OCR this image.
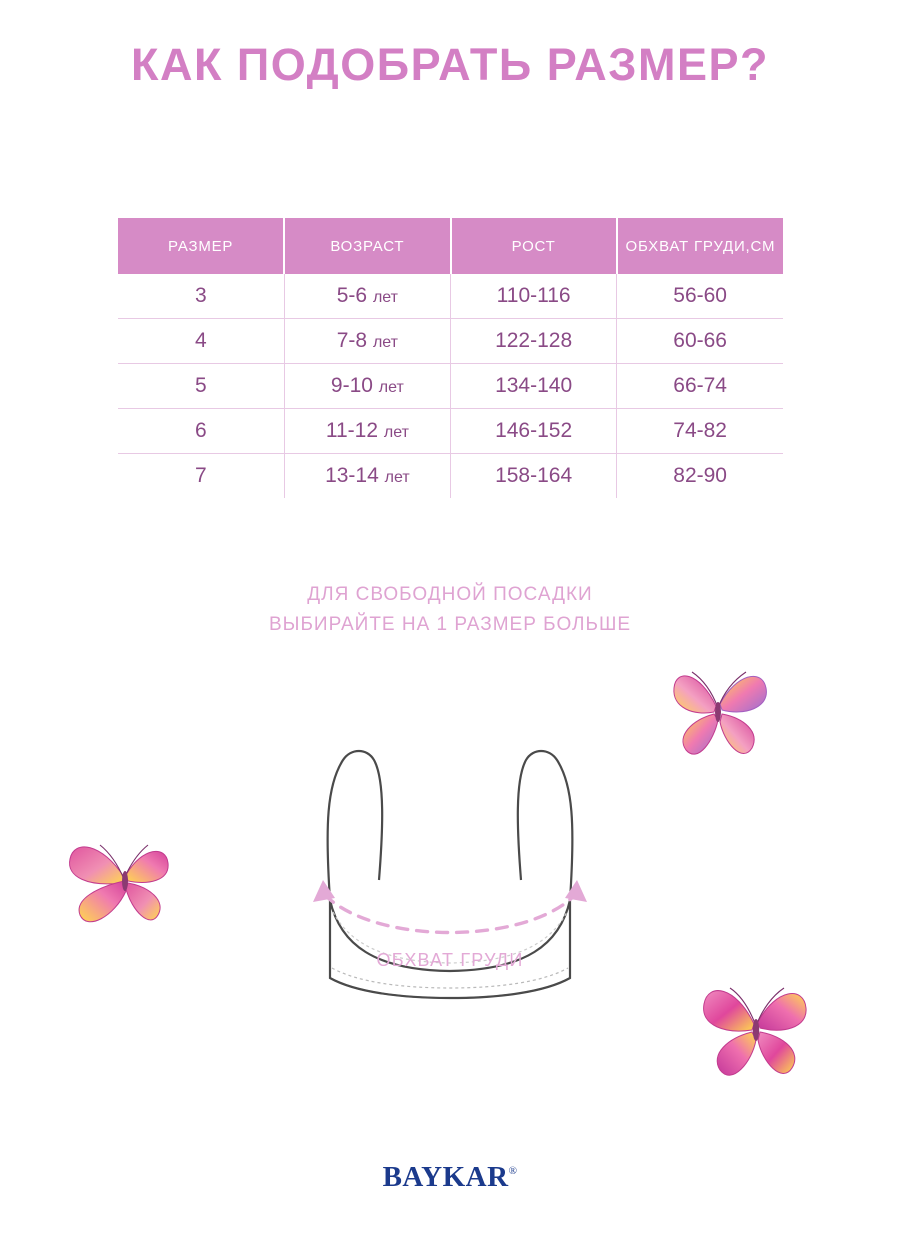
КАК ПОДОБРАТЬ РАЗМЕР?
РАЗМЕР	ВОЗРАСТ	РОСТ	ОБХВАТ ГРУДИ,СМ
3	5-6 лет	110-116	56-60
4	7-8 лет	122-128	60-66
5	9-10 лет	134-140	66-74
6	11-12 лет	146-152	74-82
7	13-14 лет	158-164	82-90
ДЛЯ СВОБОДНОЙ ПОСАДКИ
ВЫБИРАЙТЕ НА 1 РАЗМЕР БОЛЬШЕ
ОБХВАТ ГРУДИ
BAYKAR®
